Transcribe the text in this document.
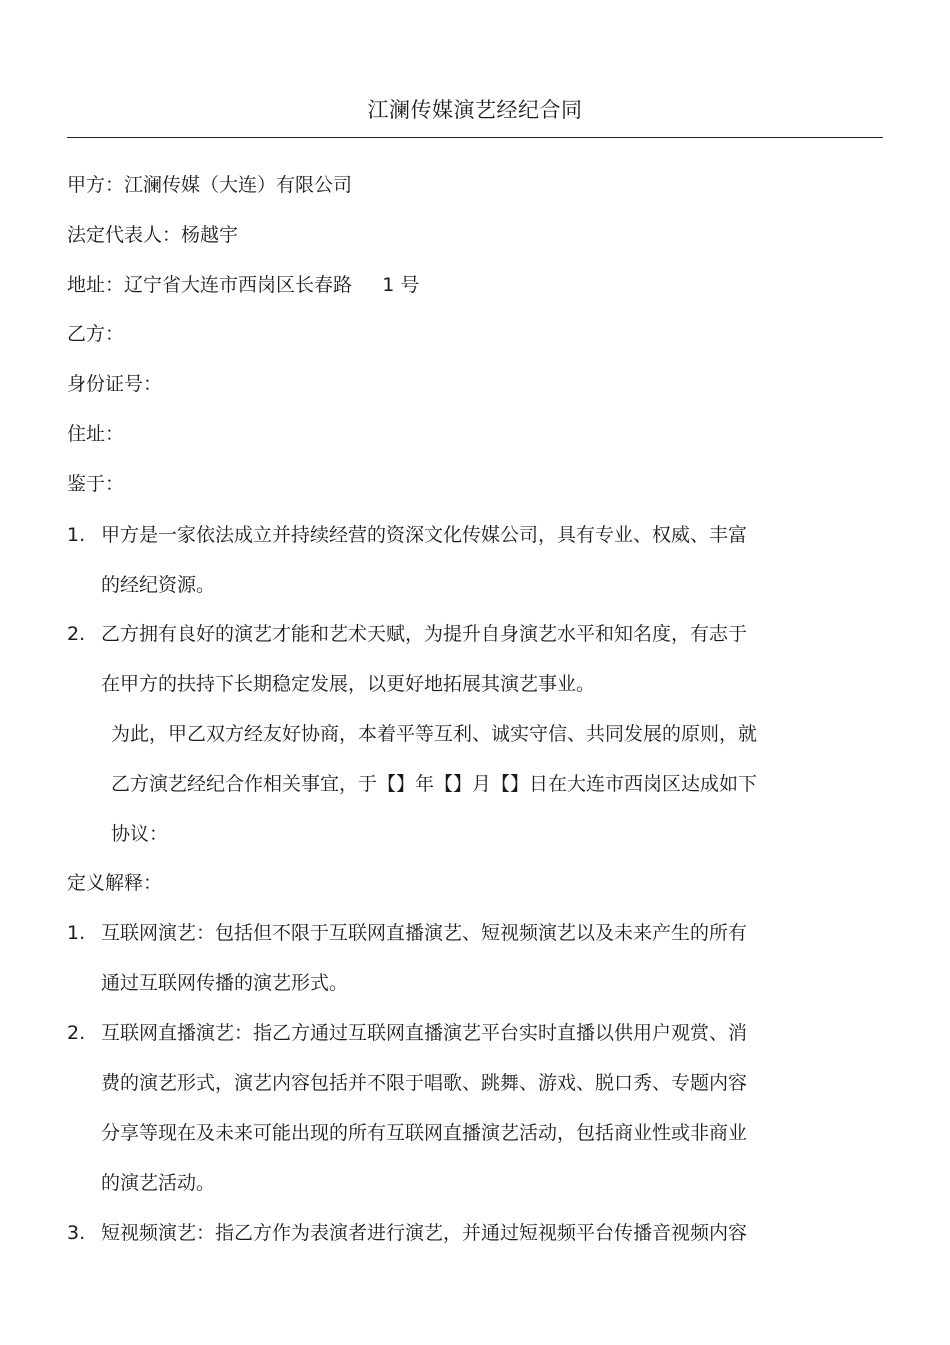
江澜传媒演艺经纪合同
甲方：江澜传媒（大连）有限公司
法定代表人：杨越宇
地址：辽宁省大连市西岗区长春路     1 号
乙方：
身份证号：
住址：
鉴于：
1. 甲方是一家依法成立并持续经营的资深文化传媒公司，具有专业、权威、丰富
的经纪资源。
2. 乙方拥有良好的演艺才能和艺术天赋，为提升自身演艺水平和知名度，有志于
在甲方的扶持下长期稳定发展，以更好地拓展其演艺事业。
为此，甲乙双方经友好协商，本着平等互利、诚实守信、共同发展的原则，就
乙方演艺经纪合作相关事宜，于【】年【】月【】日在大连市西岗区达成如下
协议：
定义解释：
1. 互联网演艺：包括但不限于互联网直播演艺、短视频演艺以及未来产生的所有
通过互联网传播的演艺形式。
2. 互联网直播演艺：指乙方通过互联网直播演艺平台实时直播以供用户观赏、消
费的演艺形式，演艺内容包括并不限于唱歌、跳舞、游戏、脱口秀、专题内容
分享等现在及未来可能出现的所有互联网直播演艺活动，包括商业性或非商业
的演艺活动。
3. 短视频演艺：指乙方作为表演者进行演艺，并通过短视频平台传播音视频内容
